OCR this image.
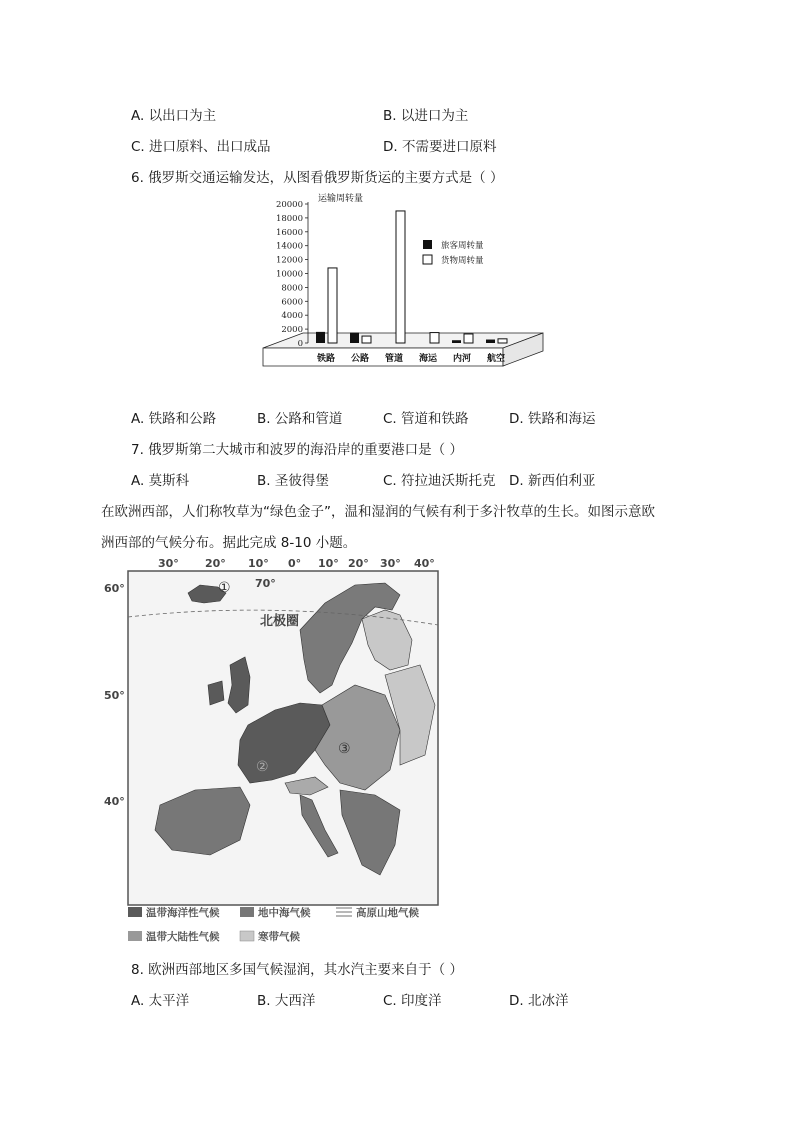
A. 以出口为主	B. 以进口为主
C. 进口原料、出口成品	D. 不需要进口原料
6. 俄罗斯交通运输发达，从图看俄罗斯货运的主要方式是（ ）
运输周转量
0
2000
4000
6000
8000
10000
12000
14000
16000
18000
20000
铁路 公路 管道 海运 内河 航空
旅客周转量
货物周转量
A. 铁路和公路	B. 公路和管道	C. 管道和铁路	D. 铁路和海运
7. 俄罗斯第二大城市和波罗的海沿岸的重要港口是（ ）
A. 莫斯科	B. 圣彼得堡	C. 符拉迪沃斯托克 D. 新西伯利亚
在欧洲西部，人们称牧草为“绿色金子”，温和湿润的气候有利于多汁牧草的生长。如图示意欧
洲西部的气候分布。据此完成 8-10 小题。
30° 20° 10° 0° 10° 20° 30° 40°
60°
50°
40°
70°
①
②
③
北极圈
温带海洋性气候	地中海气候	高原山地气候
温带大陆性气候	寒带气候
8. 欧洲西部地区多国气候湿润，其水汽主要来自于（ ）
A. 太平洋	B. 大西洋	C. 印度洋	D. 北冰洋
